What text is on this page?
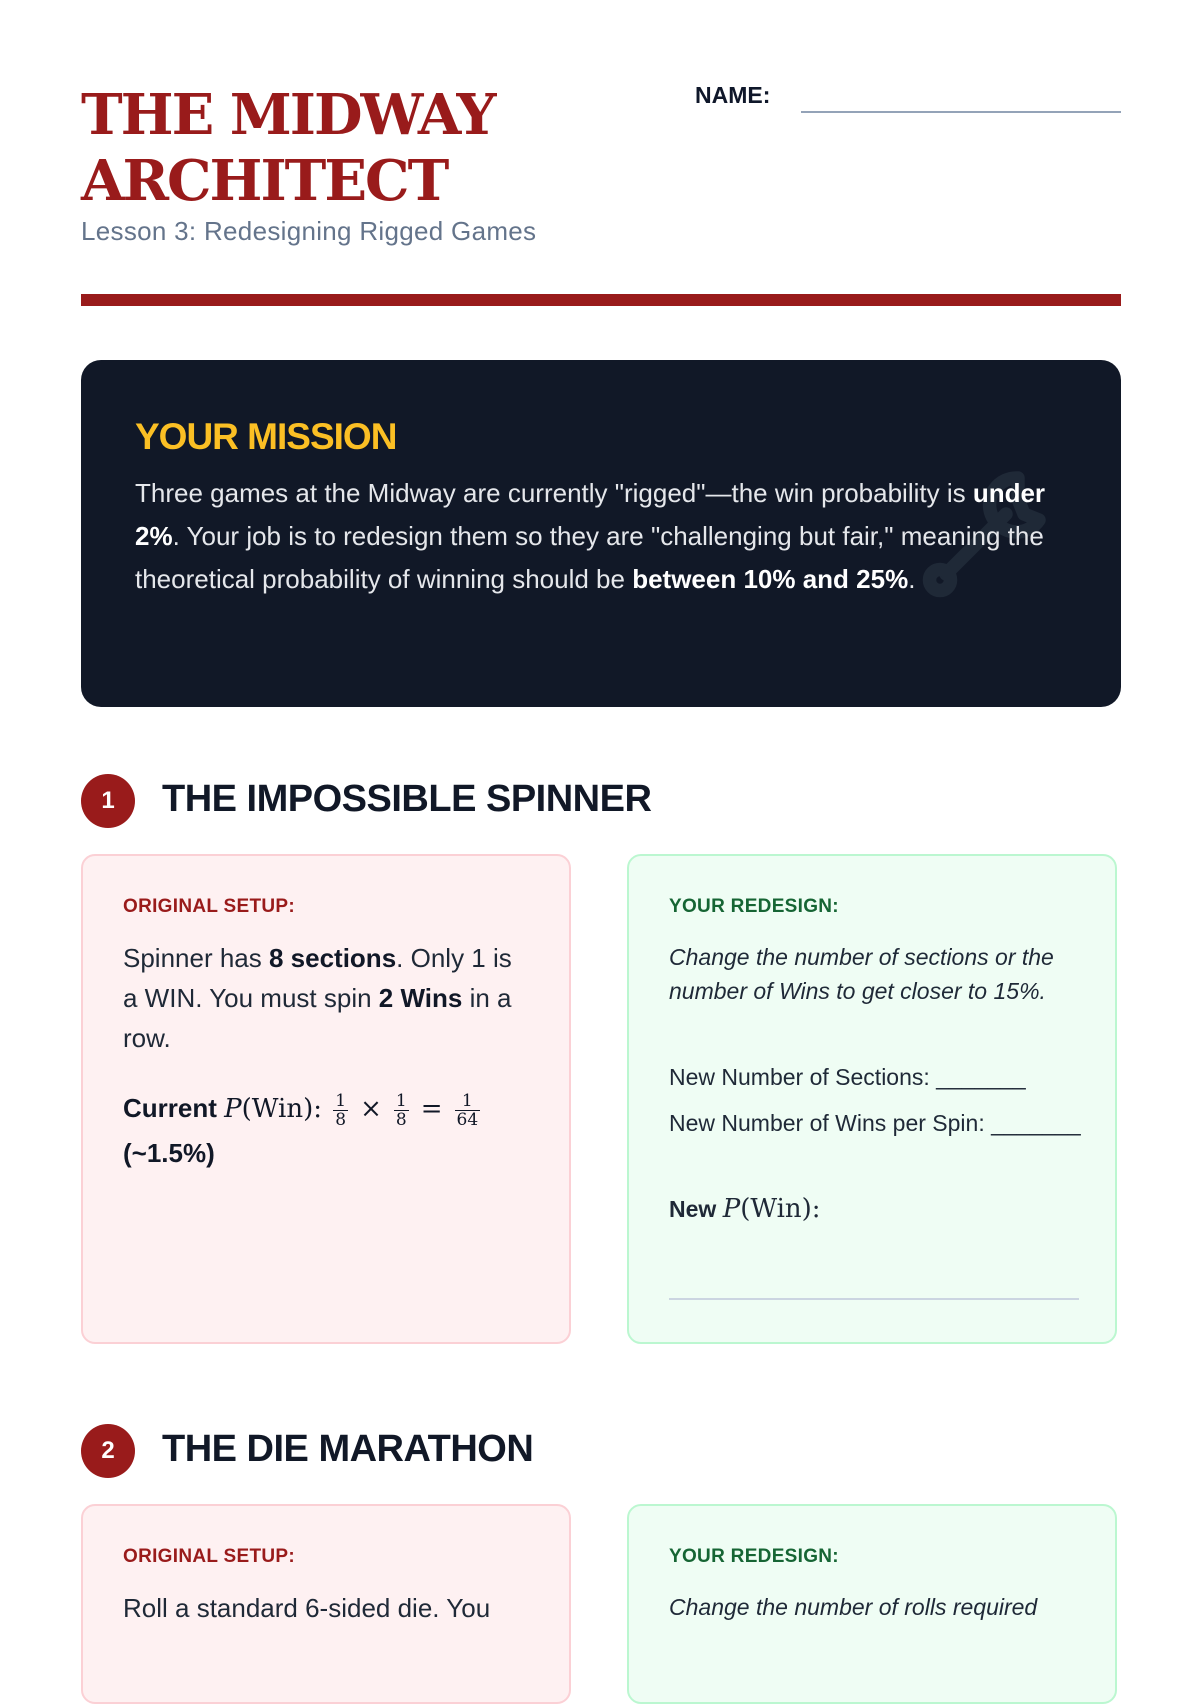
THE MIDWAY
ARCHITECT
Lesson 3: Redesigning Rigged Games
NAME:
YOUR MISSION
Three games at the Midway are currently "rigged"—the win probability is under 2%. Your job is to redesign them so they are "challenging but fair," meaning the theoretical probability of winning should be between 10% and 25%.
1	THE IMPOSSIBLE SPINNER
ORIGINAL SETUP:
Spinner has 8 sections. Only 1 is a WIN. You must spin 2 Wins in a row.
Current P(Win): $\frac{1}{8} \times \frac{1}{8} = \frac{1}{64}$

(~1.5%)
YOUR REDESIGN:
Change the number of sections or the number of Wins to get closer to 15%.
New Number of Sections: _______
New Number of Wins per Spin: _______
New P(Win):
2	THE DIE MARATHON
ORIGINAL SETUP:
Roll a standard 6-sided die. You
YOUR REDESIGN:
Change the number of rolls required
